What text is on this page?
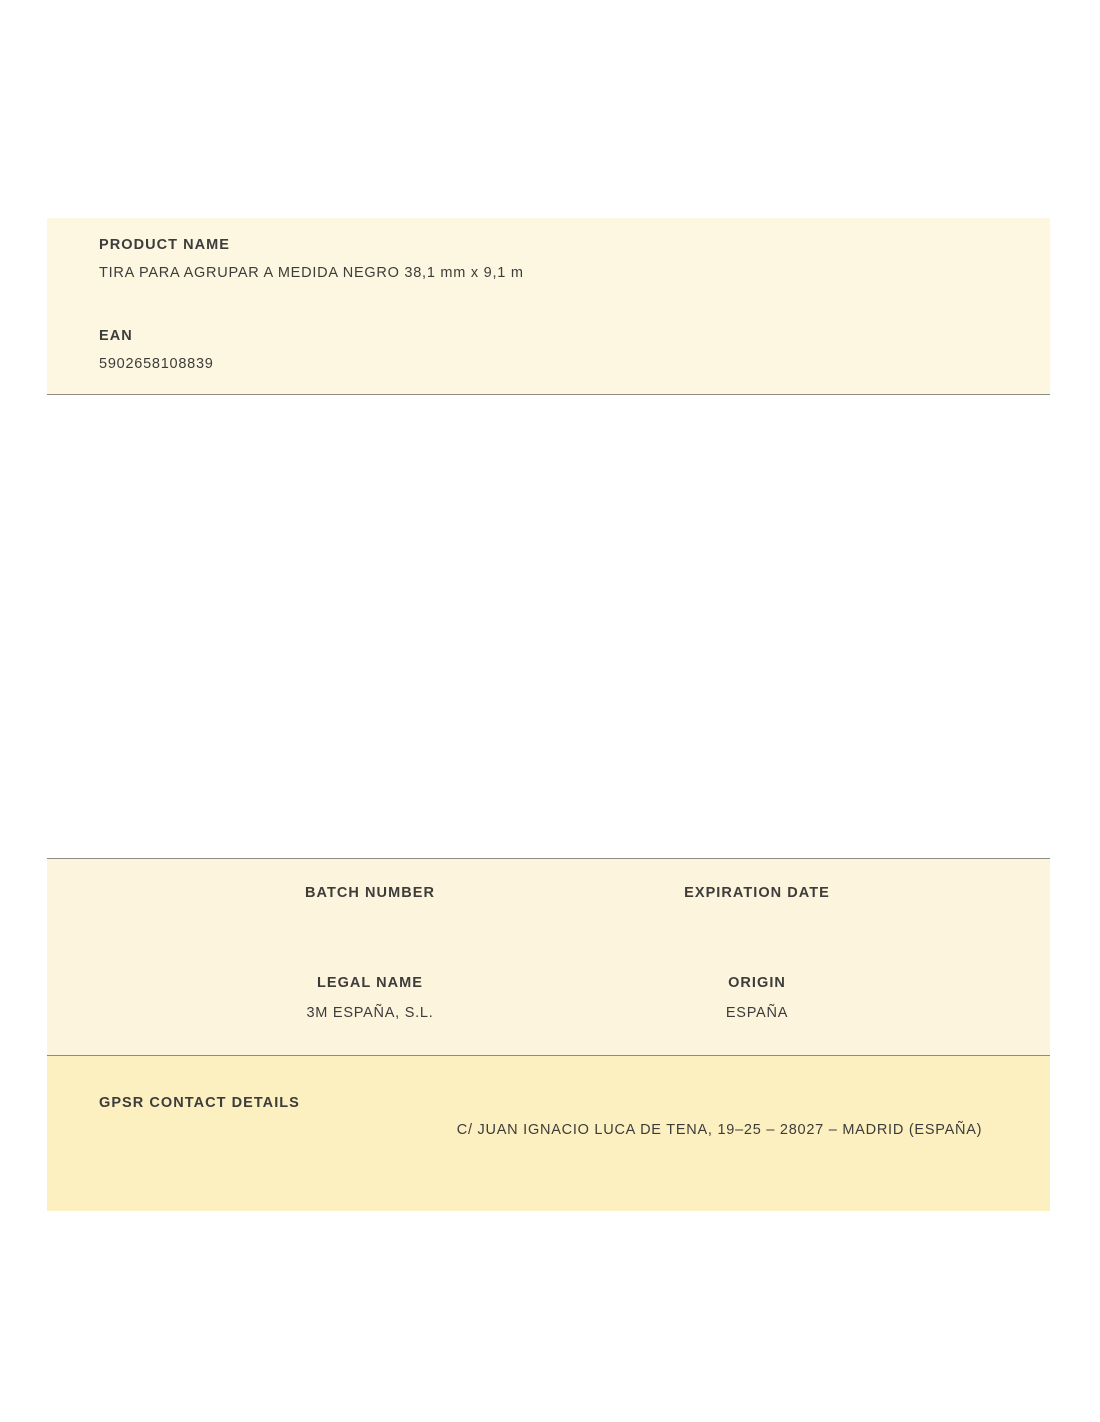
PRODUCT NAME
TIRA PARA AGRUPAR A MEDIDA NEGRO 38,1 mm x 9,1 m
EAN
5902658108839
BATCH NUMBER	EXPIRATION DATE
LEGAL NAME
3M ESPAÑA, S.L.
ORIGIN
ESPAÑA
GPSR CONTACT DETAILS
C/ JUAN IGNACIO LUCA DE TENA, 19–25 – 28027 – MADRID (ESPAÑA)
